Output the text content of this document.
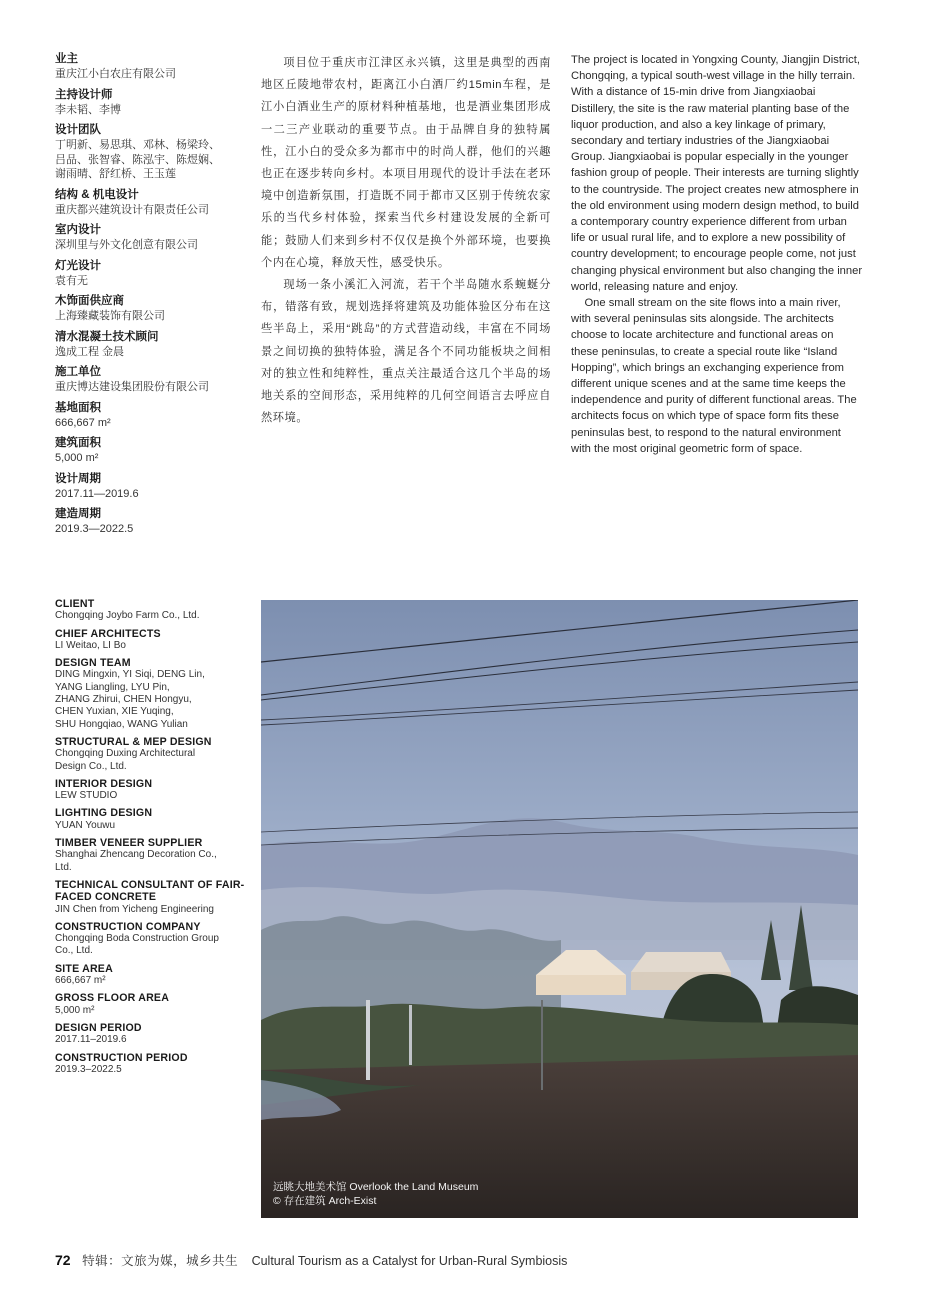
业主
重庆江小白农庄有限公司
主持设计师
李未韬、李博
设计团队
丁明新、易思琪、邓林、杨梁玲、
吕品、张智睿、陈泓宇、陈煜娴、
谢雨晴、舒红桥、王玉莲
结构 & 机电设计
重庆都兴建筑设计有限责任公司
室内设计
深圳里与外文化创意有限公司
灯光设计
袁有无
木饰面供应商
上海臻藏装饰有限公司
清水混凝土技术顾问
逸成工程 金晨
施工单位
重庆博达建设集团股份有限公司
基地面积
666,667 m²
建筑面积
5,000 m²
设计周期
2017.11—2019.6
建造周期
2019.3—2022.5

项目位于重庆市江津区永兴镇，这里是典型的西南地区丘陵地带农村，距离江小白酒厂约15min车程，是江小白酒业生产的原材料种植基地，也是酒业集团形成一二三产业联动的重要节点。由于品牌自身的独特属性，江小白的受众多为都市中的时尚人群，他们的兴趣也正在逐步转向乡村。本项目用现代的设计手法在老环境中创造新氛围，打造既不同于都市又区别于传统农家乐的当代乡村体验，探索当代乡村建设发展的全新可能；鼓励人们来到乡村不仅仅是换个外部环境，也要换个内在心境，释放天性，感受快乐。

现场一条小溪汇入河流，若干个半岛随水系蜿蜒分布，错落有致，规划选择将建筑及功能体验区分布在这些半岛上，采用“跳岛”的方式营造动线，丰富在不同场景之间切换的独特体验，满足各个不同功能板块之间相对的独立性和纯粹性，重点关注最适合这几个半岛的场地关系的空间形态，采用纯粹的几何空间语言去呼应自然环境。

The project is located in Yongxing County, Jiangjin District, Chongqing, a typical south-west village in the hilly terrain. With a distance of 15-min drive from Jiangxiaobai Distillery, the site is the raw material planting base of the liquor production, and also a key linkage of primary, secondary and tertiary industries of the Jiangxiaobai Group. Jiangxiaobai is popular especially in the younger fashion group of people. Their interests are turning slightly to the countryside. The project creates new atmosphere in the old environment using modern design method, to build a contemporary country experience different from urban life or usual rural life, and to explore a new possibility of country development; to encourage people come, not just changing physical environment but also changing the inner world, releasing nature and enjoy.

One small stream on the site flows into a main river, with several peninsulas sits alongside. The architects choose to locate architecture and functional areas on these peninsulas, to create a special route like “Island Hopping”, which brings an exchanging experience from different unique scenes and at the same time keeps the independence and purity of different functional areas. The architects focus on which type of space form fits these peninsulas best, to respond to the natural environment with the most original geometric form of space.

CLIENT
Chongqing Joybo Farm Co., Ltd.
CHIEF ARCHITECTS
LI Weitao, LI Bo
DESIGN TEAM
DING Mingxin, YI Siqi, DENG Lin,
YANG Liangling, LYU Pin,
ZHANG Zhirui, CHEN Hongyu,
CHEN Yuxian, XIE Yuqing,
SHU Hongqiao, WANG Yulian
STRUCTURAL & MEP DESIGN
Chongqing Duxing Architectural
Design Co., Ltd.
INTERIOR DESIGN
LEW STUDIO
LIGHTING DESIGN
YUAN Youwu
TIMBER VENEER SUPPLIER
Shanghai Zhencang Decoration Co.,
Ltd.
TECHNICAL CONSULTANT OF FAIR-FACED CONCRETE
JIN Chen from Yicheng Engineering
CONSTRUCTION COMPANY
Chongqing Boda Construction Group
Co., Ltd.
SITE AREA
666,667 m²
GROSS FLOOR AREA
5,000 m²
DESIGN PERIOD
2017.11–2019.6
CONSTRUCTION PERIOD
2019.3–2022.5
远眺大地美术馆 Overlook the Land Museum
© 存在建筑 Arch-Exist
72 特辑：文旅为媒，城乡共生 Cultural Tourism as a Catalyst for Urban-Rural Symbiosis
